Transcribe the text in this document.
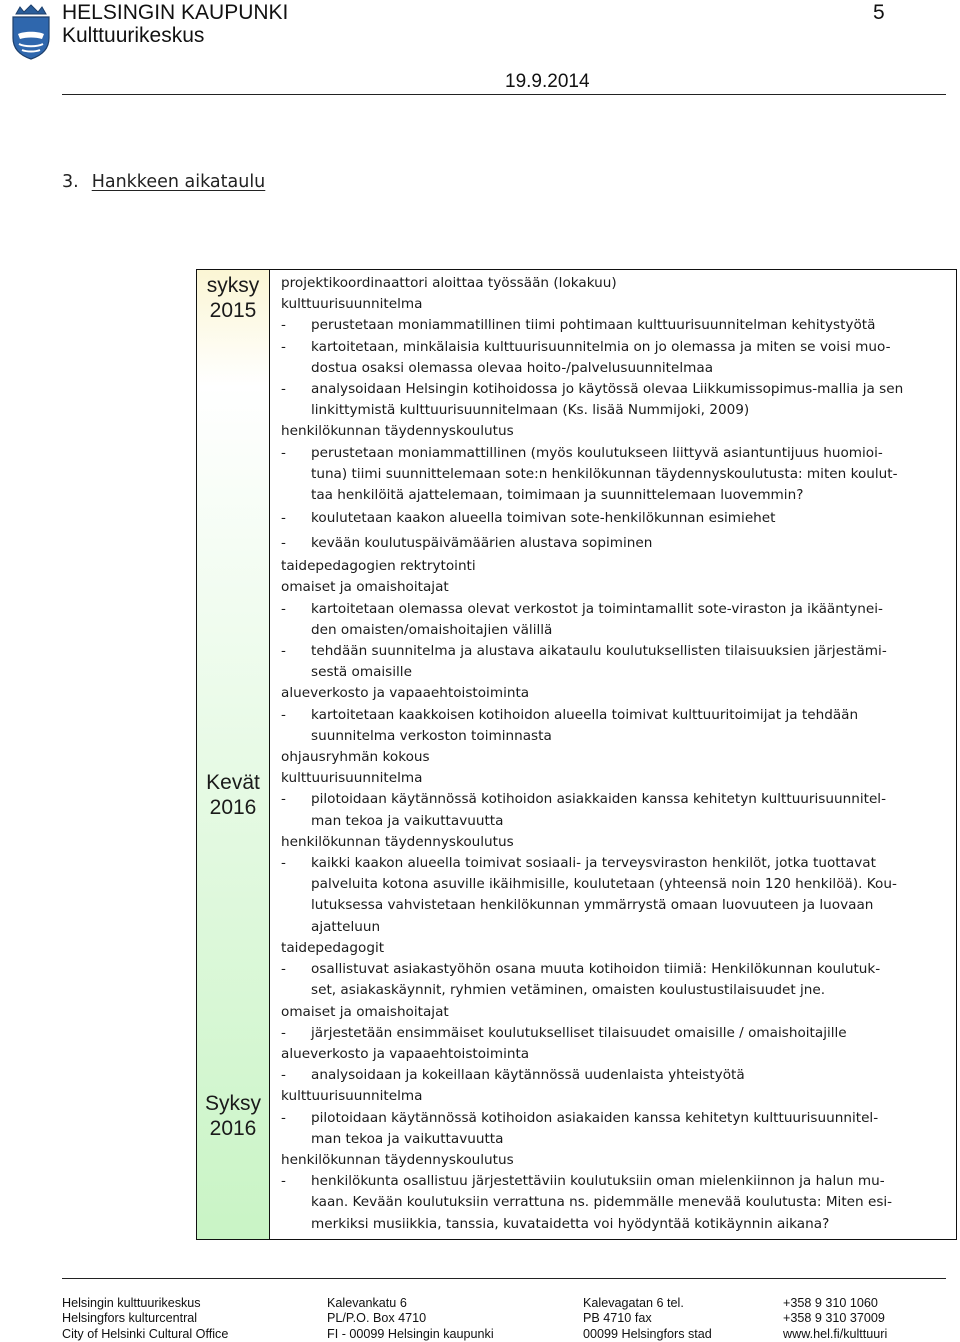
HELSINGIN KAUPUNKI
Kulttuurikeskus
5
19.9.2014
3. Hankkeen aikataulu
syksy
2015
Kevät
2016
Syksy
2016

projektikoordinaattori aloittaa työssään (lokakuu)

kulttuurisuunnitelma

- perustetaan moniammatillinen tiimi pohtimaan kulttuurisuunnitelman kehitystyötä

- kartoitetaan, minkälaisia kulttuurisuunnitelmia on jo olemassa ja miten se voisi muo-

dostua osaksi olemassa olevaa hoito-/palvelusuunnitelmaa

- analysoidaan Helsingin kotihoidossa jo käytössä olevaa Liikkumissopimus-mallia ja sen

linkittymistä kulttuurisuunnitelmaan (Ks. lisää Nummijoki, 2009)

henkilökunnan täydennyskoulutus

- perustetaan moniammattillinen (myös koulutukseen liittyvä asiantuntijuus huomioi-

tuna) tiimi suunnittelemaan sote:n henkilökunnan täydennyskoulutusta: miten koulut-

taa henkilöitä ajattelemaan, toimimaan ja suunnittelemaan luovemmin?

- koulutetaan kaakon alueella toimivan sote-henkilökunnan esimiehet

- kevään koulutuspäivämäärien alustava sopiminen

taidepedagogien rektrytointi

omaiset ja omaishoitajat

- kartoitetaan olemassa olevat verkostot ja toimintamallit sote-viraston ja ikääntynei-

den omaisten/omaishoitajien välillä

- tehdään suunnitelma ja alustava aikataulu koulutuksellisten tilaisuuksien järjestämi-

sestä omaisille

alueverkosto ja vapaaehtoistoiminta

- kartoitetaan kaakkoisen kotihoidon alueella toimivat kulttuuritoimijat ja tehdään

suunnitelma verkoston toiminnasta

ohjausryhmän kokous

kulttuurisuunnitelma

- pilotoidaan käytännössä kotihoidon asiakkaiden kanssa kehitetyn kulttuurisuunnitel-

man tekoa ja vaikuttavuutta

henkilökunnan täydennyskoulutus

- kaikki kaakon alueella toimivat sosiaali- ja terveysviraston henkilöt, jotka tuottavat

palveluita kotona asuville ikäihmisille, koulutetaan (yhteensä noin 120 henkilöä). Kou-

lutuksessa vahvistetaan henkilökunnan ymmärrystä omaan luovuuteen ja luovaan

ajatteluun

taidepedagogit

- osallistuvat asiakastyöhön osana muuta kotihoidon tiimiä: Henkilökunnan koulutuk-

set, asiakaskäynnit, ryhmien vetäminen, omaisten koulustustilaisuudet jne.

omaiset ja omaishoitajat

- järjestetään ensimmäiset koulutukselliset tilaisuudet omaisille / omaishoitajille

alueverkosto ja vapaaehtoistoiminta

- analysoidaan ja kokeillaan käytännössä uudenlaista yhteistyötä

kulttuurisuunnitelma

- pilotoidaan käytännössä kotihoidon asiakaiden kanssa kehitetyn kulttuurisuunnitel-

man tekoa ja vaikuttavuutta

henkilökunnan täydennyskoulutus

- henkilökunta osallistuu järjestettäviin koulutuksiin oman mielenkiinnon ja halun mu-

kaan. Kevään koulutuksiin verrattuna ns. pidemmälle menevää koulutusta: Miten esi-

merkiksi musiikkia, tanssia, kuvataidetta voi hyödyntää kotikäynnin aikana?

Helsingin kulttuurikeskus
Helsingfors kulturcentral
City of Helsinki Cultural Office
Kalevankatu 6
PL/P.O. Box 4710
FI - 00099 Helsingin kaupunki
Kalevagatan 6 tel.
PB 4710 fax
00099 Helsingfors stad
+358 9 310 1060
+358 9 310 37009
www.hel.fi/kulttuuri
